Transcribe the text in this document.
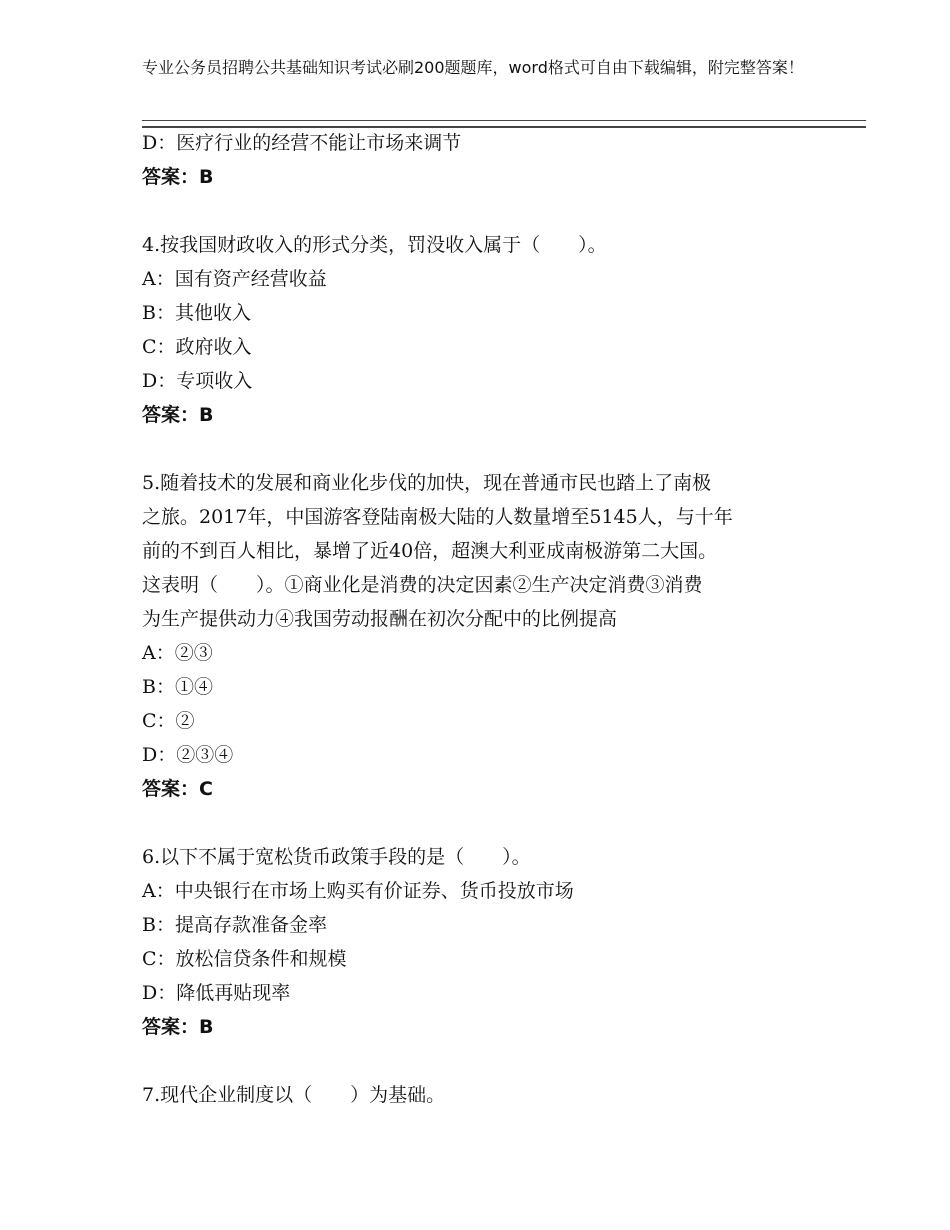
专业公务员招聘公共基础知识考试必刷200题题库，word格式可自由下载编辑，附完整答案！
D：医疗行业的经营不能让市场来调节
答案：B
4.按我国财政收入的形式分类，罚没收入属于（　　）。
A：国有资产经营收益
B：其他收入
C：政府收入
D：专项收入
答案：B
5.随着技术的发展和商业化步伐的加快，现在普通市民也踏上了南极
之旅。2017年，中国游客登陆南极大陆的人数量增至5145人，与十年
前的不到百人相比，暴增了近40倍，超澳大利亚成南极游第二大国。
这表明（　　）。①商业化是消费的决定因素②生产决定消费③消费
为生产提供动力④我国劳动报酬在初次分配中的比例提高
A：②③
B：①④
C：②
D：②③④
答案：C
6.以下不属于宽松货币政策手段的是（　　）。
A：中央银行在市场上购买有价证券、货币投放市场
B：提高存款准备金率
C：放松信贷条件和规模
D：降低再贴现率
答案：B
7.现代企业制度以（　　）为基础。
